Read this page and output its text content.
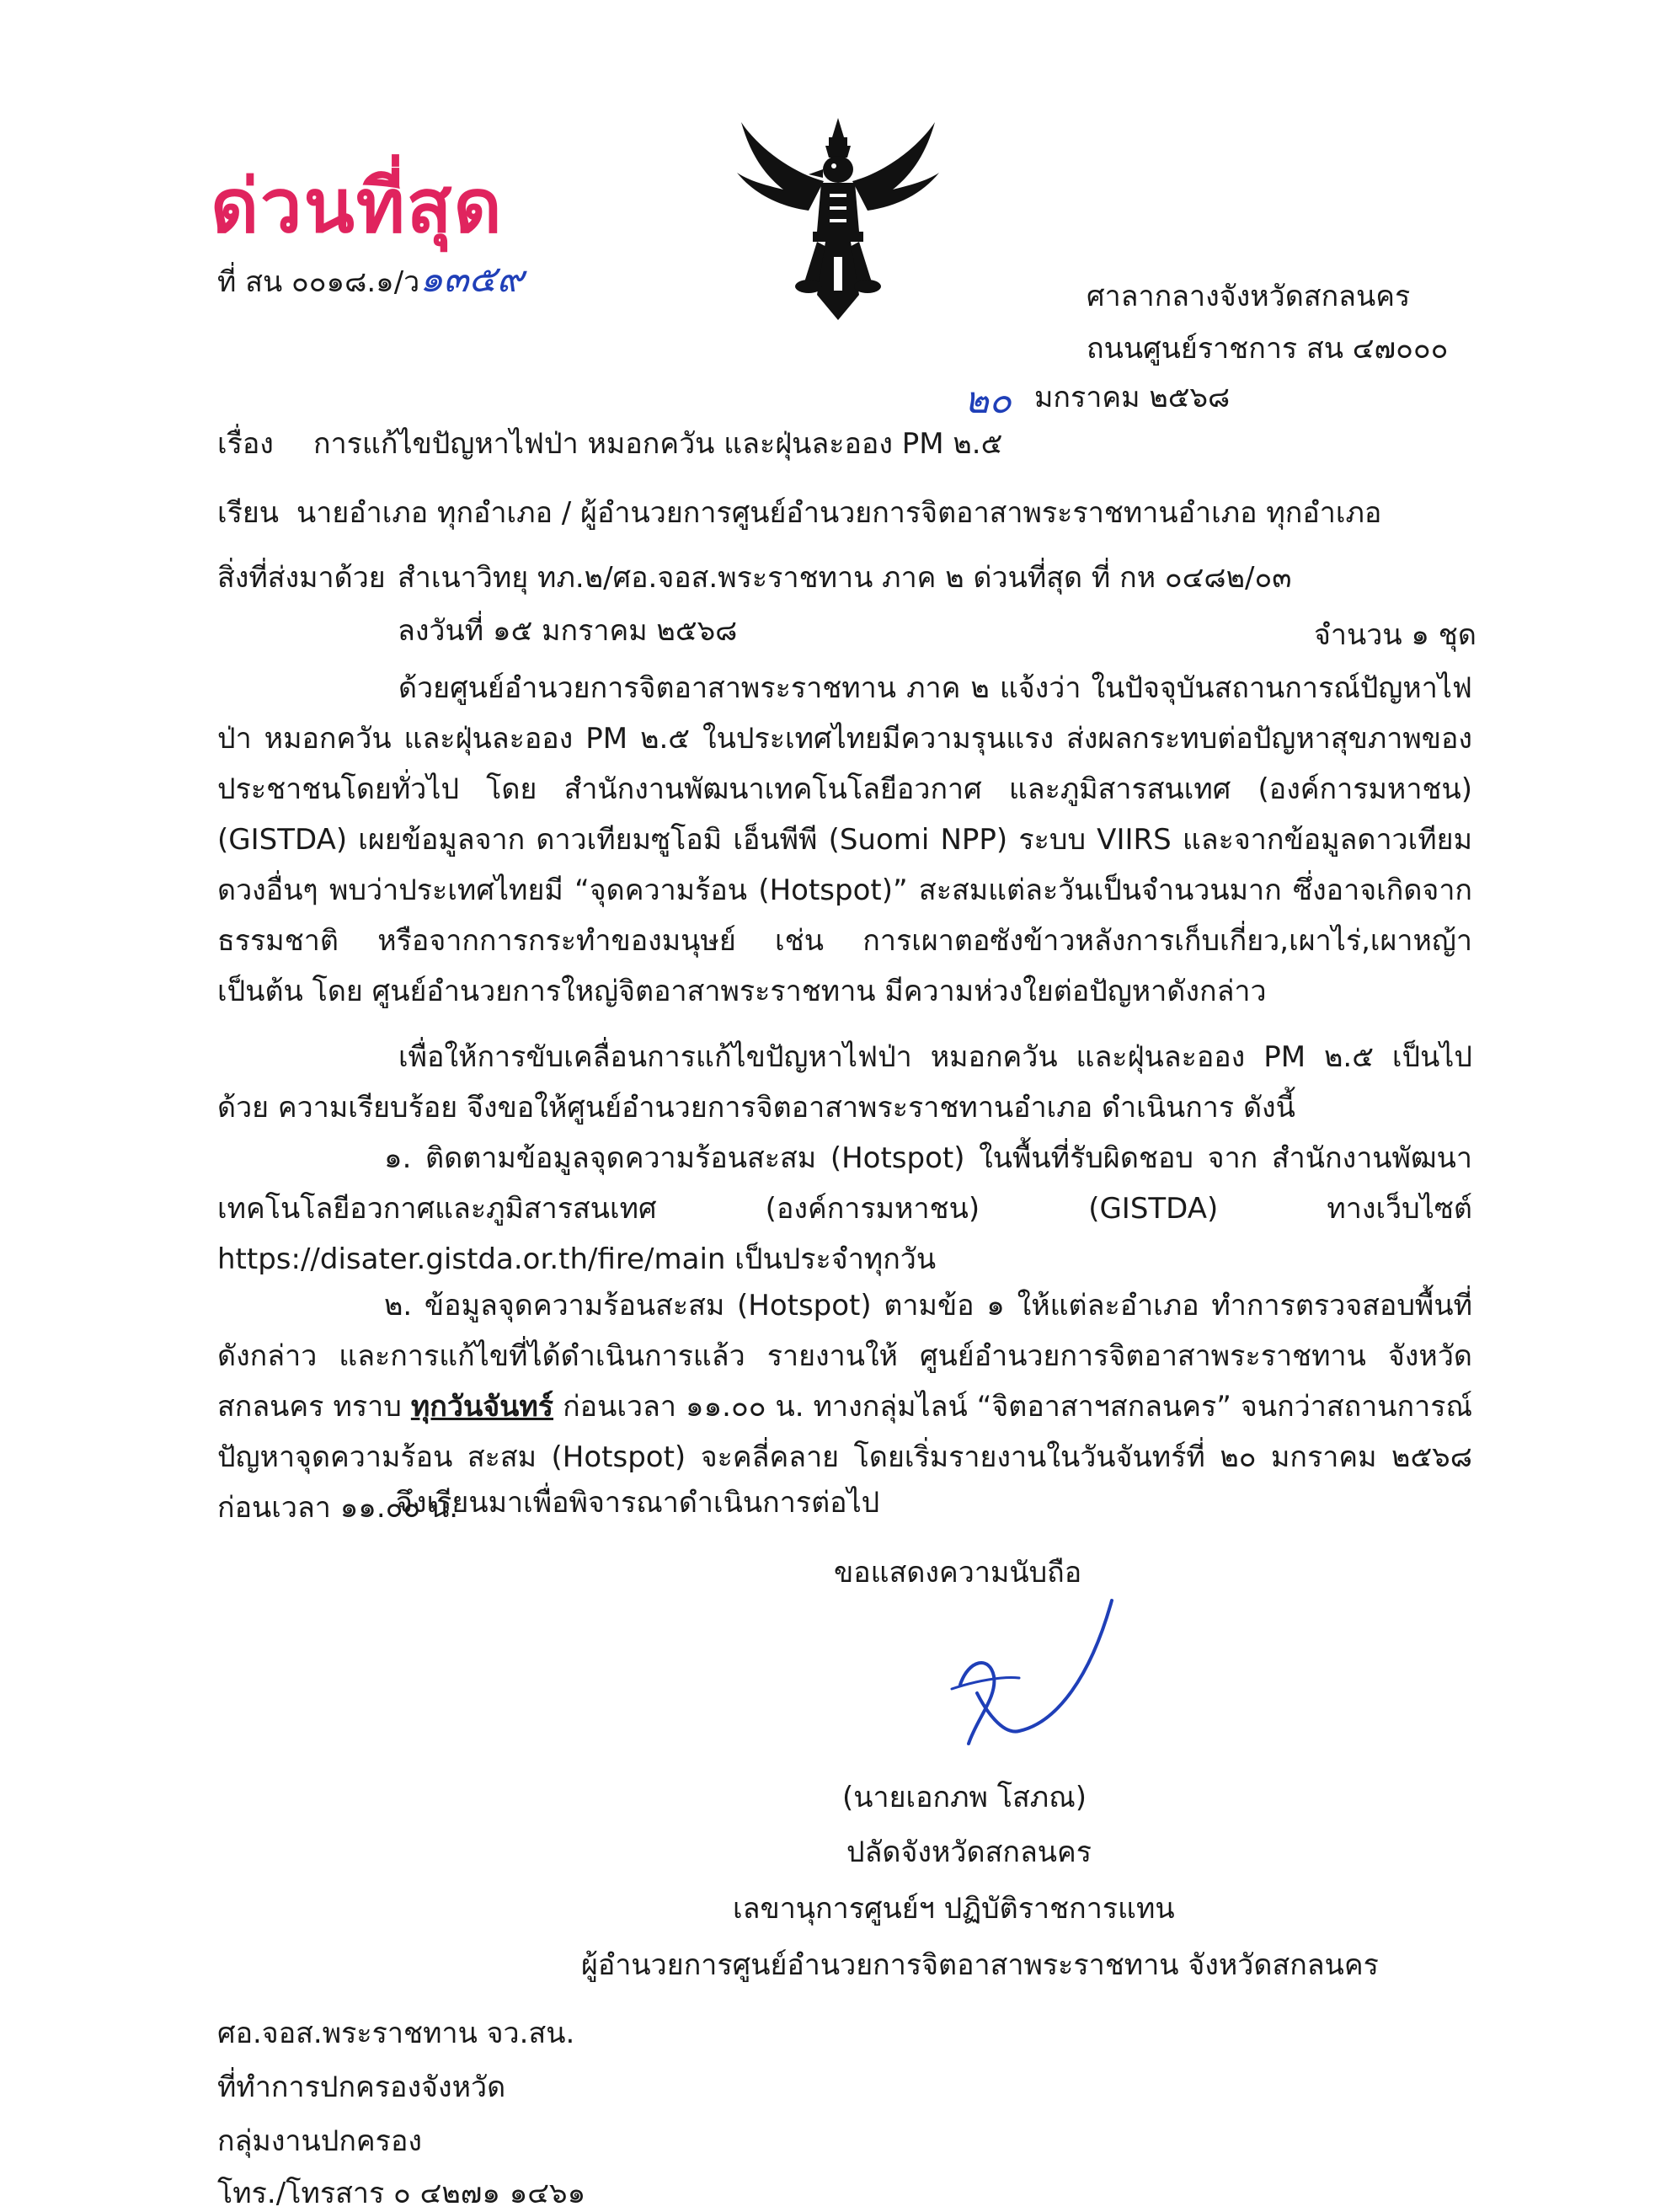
ด่วนที่สุด
ที่ สน ๐๐๑๘.๑/ว๑๓๕๙	ศาลากลางจังหวัดสกลนคร
ถนนศูนย์ราชการ สน ๔๗๐๐๐
๒๐ มกราคม ๒๕๖๘
เรื่อง การแก้ไขปัญหาไฟป่า หมอกควัน และฝุ่นละออง PM ๒.๕
เรียน นายอำเภอ ทุกอำเภอ / ผู้อำนวยการศูนย์อำนวยการจิตอาสาพระราชทานอำเภอ ทุกอำเภอ
สิ่งที่ส่งมาด้วย สำเนาวิทยุ ทภ.๒/ศอ.จอส.พระราชทาน ภาค ๒ ด่วนที่สุด ที่ กห ๐๔๘๒/๐๓
ลงวันที่ ๑๕ มกราคม ๒๕๖๘	จำนวน ๑ ชุด
ด้วยศูนย์อำนวยการจิตอาสาพระราชทาน ภาค ๒ แจ้งว่า ในปัจจุบันสถานการณ์ปัญหาไฟป่า หมอกควัน และฝุ่นละออง PM ๒.๕ ในประเทศไทยมีความรุนแรง ส่งผลกระทบต่อปัญหาสุขภาพของประชาชนโดยทั่วไป โดย สำนักงานพัฒนาเทคโนโลยีอวกาศ และภูมิสารสนเทศ (องค์การมหาชน) (GISTDA) เผยข้อมูลจาก ดาวเทียมซูโอมิ เอ็นพีพี (Suomi NPP) ระบบ VIIRS และจากข้อมูลดาวเทียมดวงอื่นๆ พบว่าประเทศไทยมี “จุดความร้อน (Hotspot)” สะสมแต่ละวันเป็นจำนวนมาก ซึ่งอาจเกิดจากธรรมชาติ หรือจากการกระทำของมนุษย์ เช่น การเผาตอซังข้าวหลังการเก็บเกี่ยว,เผาไร่,เผาหญ้า เป็นต้น โดย ศูนย์อำนวยการใหญ่จิตอาสาพระราชทาน มีความห่วงใยต่อปัญหาดังกล่าว
เพื่อให้การขับเคลื่อนการแก้ไขปัญหาไฟป่า หมอกควัน และฝุ่นละออง PM ๒.๕ เป็นไปด้วย ความเรียบร้อย จึงขอให้ศูนย์อำนวยการจิตอาสาพระราชทานอำเภอ ดำเนินการ ดังนี้
๑. ติดตามข้อมูลจุดความร้อนสะสม (Hotspot) ในพื้นที่รับผิดชอบ จาก สำนักงานพัฒนา เทคโนโลยีอวกาศและภูมิสารสนเทศ (องค์การมหาชน) (GISTDA) ทางเว็บไซต์ https://disater.gistda.or.th/fire/main เป็นประจำทุกวัน
๒. ข้อมูลจุดความร้อนสะสม (Hotspot) ตามข้อ ๑ ให้แต่ละอำเภอ ทำการตรวจสอบพื้นที่ ดังกล่าว และการแก้ไขที่ได้ดำเนินการแล้ว รายงานให้ ศูนย์อำนวยการจิตอาสาพระราชทาน จังหวัดสกลนคร ทราบ ทุกวันจันทร์ ก่อนเวลา ๑๑.๐๐ น. ทางกลุ่มไลน์ “จิตอาสาฯสกลนคร” จนกว่าสถานการณ์ปัญหาจุดความร้อน สะสม (Hotspot) จะคลี่คลาย โดยเริ่มรายงานในวันจันทร์ที่ ๒๐ มกราคม ๒๕๖๘ ก่อนเวลา ๑๑.๐๐ น.
จึงเรียนมาเพื่อพิจารณาดำเนินการต่อไป
ขอแสดงความนับถือ
(นายเอกภพ โสภณ)
ปลัดจังหวัดสกลนคร
เลขานุการศูนย์ฯ ปฏิบัติราชการแทน
ผู้อำนวยการศูนย์อำนวยการจิตอาสาพระราชทาน จังหวัดสกลนคร
ศอ.จอส.พระราชทาน จว.สน.
ที่ทำการปกครองจังหวัด
กลุ่มงานปกครอง
โทร./โทรสาร ๐ ๔๒๗๑ ๑๔๖๑
